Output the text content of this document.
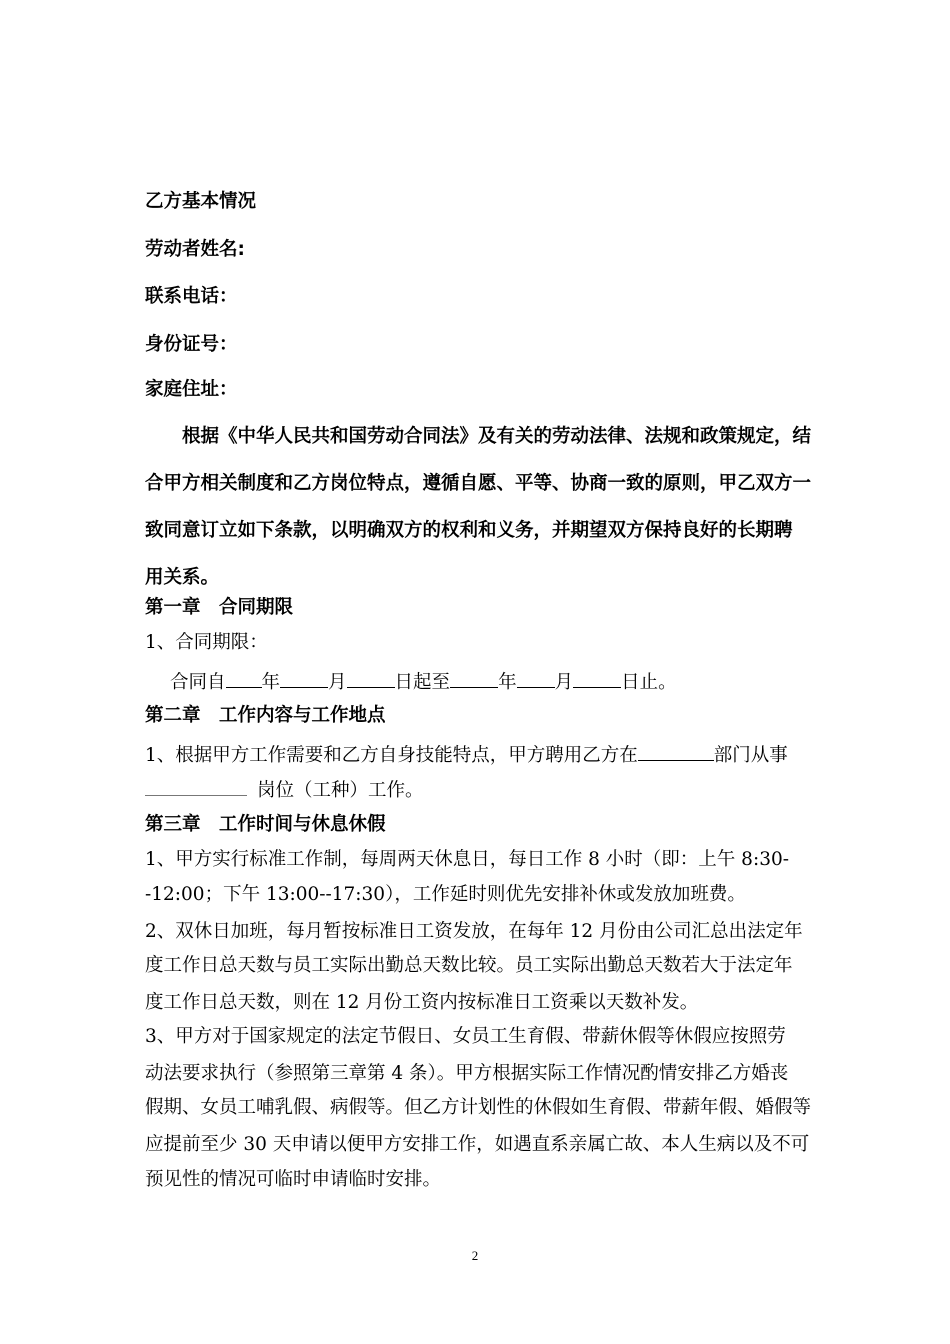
乙方基本情况
劳动者姓名:
联系电话：
身份证号：
家庭住址：
根据《中华人民共和国劳动合同法》及有关的劳动法律、法规和政策规定，结
合甲方相关制度和乙方岗位特点，遵循自愿、平等、协商一致的原则，甲乙双方一
致同意订立如下条款，以明确双方的权利和义务，并期望双方保持良好的长期聘
用关系。
第一章　合同期限
1、合同期限：
合同自 年	月	日起至	年 月	日止。
第二章　工作内容与工作地点
1、根据甲方工作需要和乙方自身技能特点，甲方聘用乙方在	部门从事
岗位（工种）工作。
第三章　工作时间与休息休假
1、甲方实行标准工作制，每周两天休息日，每日工作 8 小时（即：上午 8:30-
-12:00；下午 13:00--17:30），工作延时则优先安排补休或发放加班费。
2、双休日加班，每月暂按标准日工资发放，在每年 12 月份由公司汇总出法定年
度工作日总天数与员工实际出勤总天数比较。员工实际出勤总天数若大于法定年
度工作日总天数，则在 12 月份工资内按标准日工资乘以天数补发。
3、甲方对于国家规定的法定节假日、女员工生育假、带薪休假等休假应按照劳
动法要求执行（参照第三章第 4 条）。甲方根据实际工作情况酌情安排乙方婚丧
假期、女员工哺乳假、病假等。但乙方计划性的休假如生育假、带薪年假、婚假等
应提前至少 30 天申请以便甲方安排工作，如遇直系亲属亡故、本人生病以及不可
预见性的情况可临时申请临时安排。
2
